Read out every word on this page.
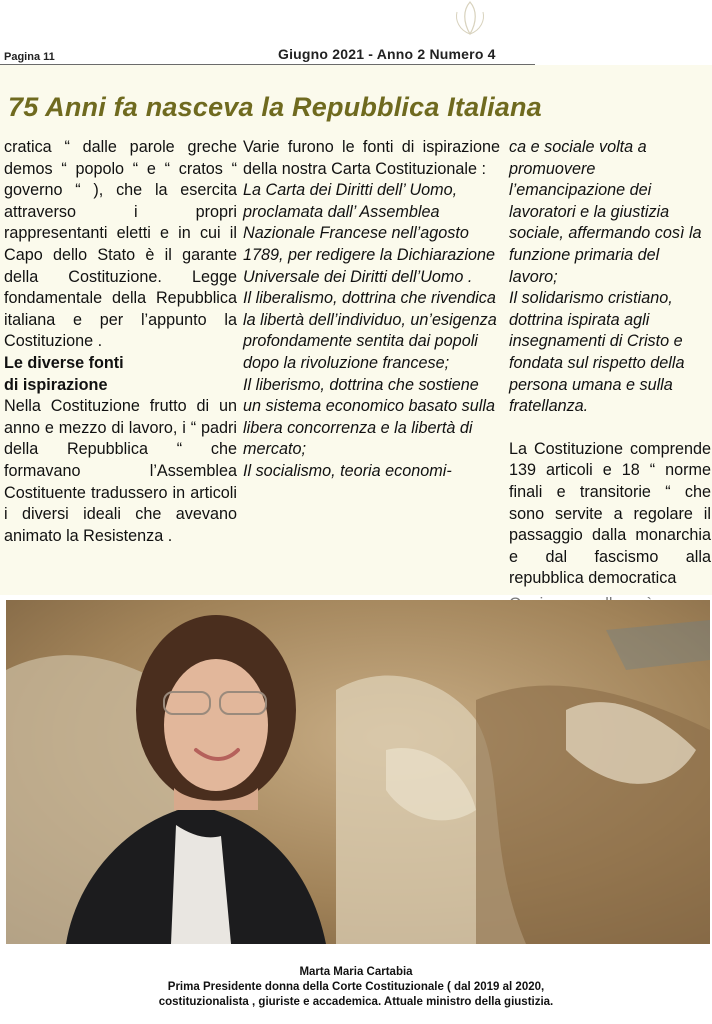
Pagina 11	Giugno 2021 - Anno 2 Numero 4
75 Anni fa nasceva la Repubblica Italiana

cratica “ dalle parole greche demos “ popolo “ e “ cratos “ governo “ ), che la esercita attraverso i propri rappresentanti eletti e in cui il Capo dello Stato è il garante della Costituzione. Legge fondamentale della Repubblica italiana e per l’appunto la Costituzione .

Le diverse fonti
di ispirazione

Nella Costituzione frutto di un anno e mezzo di lavoro, i “ padri della Repubblica “ che formavano l’Assemblea Costituente tradussero in articoli i diversi ideali che avevano animato la Resistenza .

Varie furono le fonti di ispirazione della nostra Carta Costituzionale :

La Carta dei Diritti dell’ Uomo, proclamata dall’ Assemblea Nazionale Francese nell’agosto 1789, per redigere la Dichiarazione Universale dei Diritti dell’Uomo .

Il liberalismo, dottrina che rivendica la libertà dell’individuo, un’esigenza profondamente sentita dai popoli dopo la rivoluzione francese;

Il liberismo, dottrina che sostiene un sistema economico basato sulla libera concorrenza e la libertà di mercato;

Il socialismo, teoria economi-

ca e sociale volta a promuovere l’emancipazione dei lavoratori e la giustizia sociale, affermando così la funzione primaria del lavoro;

Il solidarismo cristiano, dottrina ispirata agli insegnamenti di Cristo e fondata sul rispetto della persona umana e sulla fratellanza.

La Costituzione comprende 139 articoli e 18 “ norme finali e transitorie “ che sono servite a regolare il passaggio dalla monarchia e dal fascismo alla repubblica democratica

Marta Maria Cartabia
Prima Presidente donna della Corte Costituzionale ( dal 2019 al 2020,
costituzionalista , giuriste e accademica. Attuale ministro della giustizia.
